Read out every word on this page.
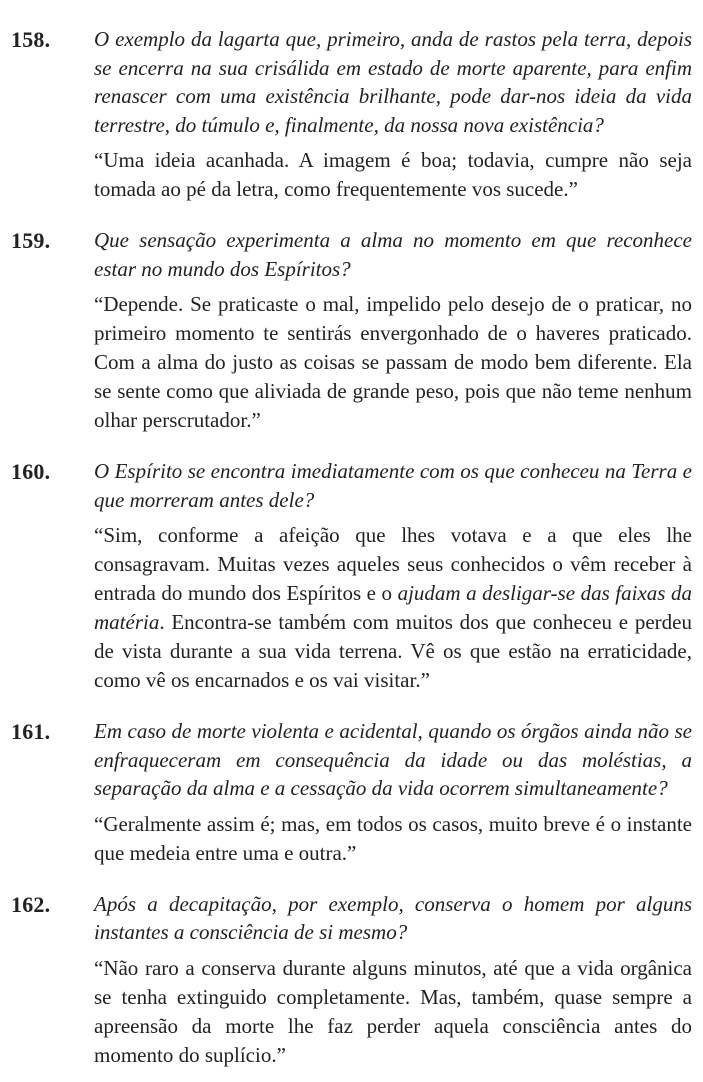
158. O exemplo da lagarta que, primeiro, anda de rastos pela terra, depois se encerra na sua crisálida em estado de morte aparente, para enfim renascer com uma existência brilhante, pode dar-nos ideia da vida terrestre, do túmulo e, finalmente, da nossa nova existência?

“Uma ideia acanhada. A imagem é boa; todavia, cumpre não seja tomada ao pé da letra, como frequentemente vos sucede.”

159. Que sensação experimenta a alma no momento em que reconhece estar no mundo dos Espíritos?

“Depende. Se praticaste o mal, impelido pelo desejo de o praticar, no primeiro momento te sentirás envergonhado de o haveres praticado. Com a alma do justo as coisas se passam de modo bem diferente. Ela se sente como que aliviada de grande peso, pois que não teme nenhum olhar perscrutador.”

160. O Espírito se encontra imediatamente com os que conheceu na Terra e que morreram antes dele?

“Sim, conforme a afeição que lhes votava e a que eles lhe consagravam. Muitas vezes aqueles seus conhecidos o vêm receber à entrada do mundo dos Espíritos e o ajudam a desligar-se das faixas da matéria. Encontra-se também com muitos dos que conheceu e perdeu de vista durante a sua vida terrena. Vê os que estão na erraticidade, como vê os encarnados e os vai visitar.”

161. Em caso de morte violenta e acidental, quando os órgãos ainda não se enfraqueceram em consequência da idade ou das moléstias, a separação da alma e a cessação da vida ocorrem simultaneamente?

“Geralmente assim é; mas, em todos os casos, muito breve é o instante que medeia entre uma e outra.”

162. Após a decapitação, por exemplo, conserva o homem por alguns instantes a consciência de si mesmo?

“Não raro a conserva durante alguns minutos, até que a vida orgânica se tenha extinguido completamente. Mas, também, quase sempre a apreensão da morte lhe faz perder aquela consciência antes do momento do suplício.”
